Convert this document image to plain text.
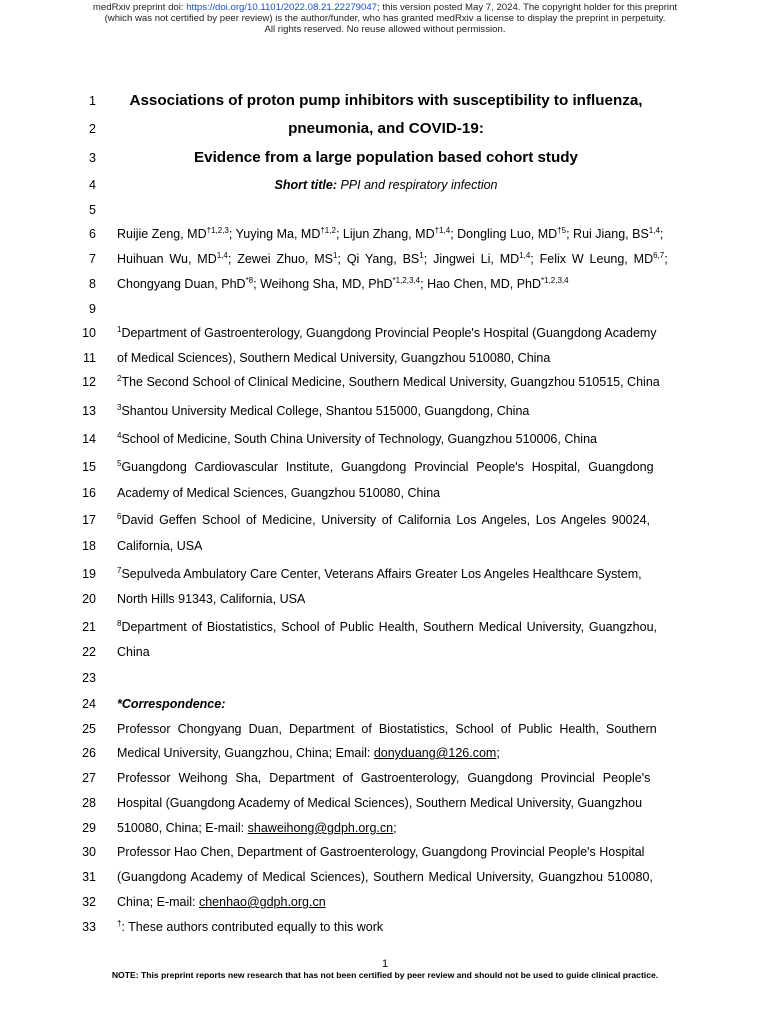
medRxiv preprint doi: https://doi.org/10.1101/2022.08.21.22279047; this version posted May 7, 2024. The copyright holder for this preprint
(which was not certified by peer review) is the author/funder, who has granted medRxiv a license to display the preprint in perpetuity.
All rights reserved. No reuse allowed without permission.
1	Associations of proton pump inhibitors with susceptibility to influenza,
2	pneumonia, and COVID-19:
3	Evidence from a large population based cohort study
4	Short title: PPI and respiratory infection
5
6 Ruijie Zeng, MD$^{\dagger 1,2,3}$; Yuying Ma, MD$^{\dagger 1,2}$; Lijun Zhang, MD$^{\dagger 1,4}$; Dongling Luo, MD$^{\dagger 5}$; Rui Jiang, BS$^{1,4}$;
7 Huihuan Wu, MD$^{1,4}$; Zewei Zhuo, $MS^1$; Qi Yang, $BS^1$; Jingwei Li, MD$^{1,4}$; Felix W Leung, MD$^{6,7}$;
8 Chongyang Duan, PhD$^{*8}$; Weihong Sha, MD, PhD$^{*1,2,3,4}$; Hao Chen, MD, PhD$^{*1,2,3,4}$
9
10	$^1$Department of Gastroenterology, Guangdong Provincial People's Hospital (Guangdong Academy
11 of Medical Sciences), Southern Medical University, Guangzhou 510080, China
12	$^2$The Second School of Clinical Medicine, Southern Medical University, Guangzhou 510515, China
13	$^3$Shantou University Medical College, Shantou 515000, Guangdong, China
14	$^4$School of Medicine, South China University of Technology, Guangzhou 510006, China
15	$^5$Guangdong Cardiovascular Institute, Guangdong Provincial People's Hospital, Guangdong
16 Academy of Medical Sciences, Guangzhou 510080, China
17	$^6$David Geffen School of Medicine, University of California Los Angeles, Los Angeles 90024,
18 California, USA
19	$^7$Sepulveda Ambulatory Care Center, Veterans Affairs Greater Los Angeles Healthcare System,
20 North Hills 91343, California, USA
21	$^8$Department of Biostatistics, School of Public Health, Southern Medical University, Guangzhou,
22 China
23
24 *Correspondence:
25 Professor Chongyang Duan, Department of Biostatistics, School of Public Health, Southern
26 Medical University, Guangzhou, China; Email: donyduang@126.com;
27 Professor Weihong Sha, Department of Gastroenterology, Guangdong Provincial People's
28 Hospital (Guangdong Academy of Medical Sciences), Southern Medical University, Guangzhou
29 510080, China; E-mail: shaweihong@gdph.org.cn;
30 Professor Hao Chen, Department of Gastroenterology, Guangdong Provincial People's Hospital
31 (Guangdong Academy of Medical Sciences), Southern Medical University, Guangzhou 510080,
32 China; E-mail: chenhao@gdph.org.cn
33	†: These authors contributed equally to this work
1
NOTE: This preprint reports new research that has not been certified by peer review and should not be used to guide clinical practice.
